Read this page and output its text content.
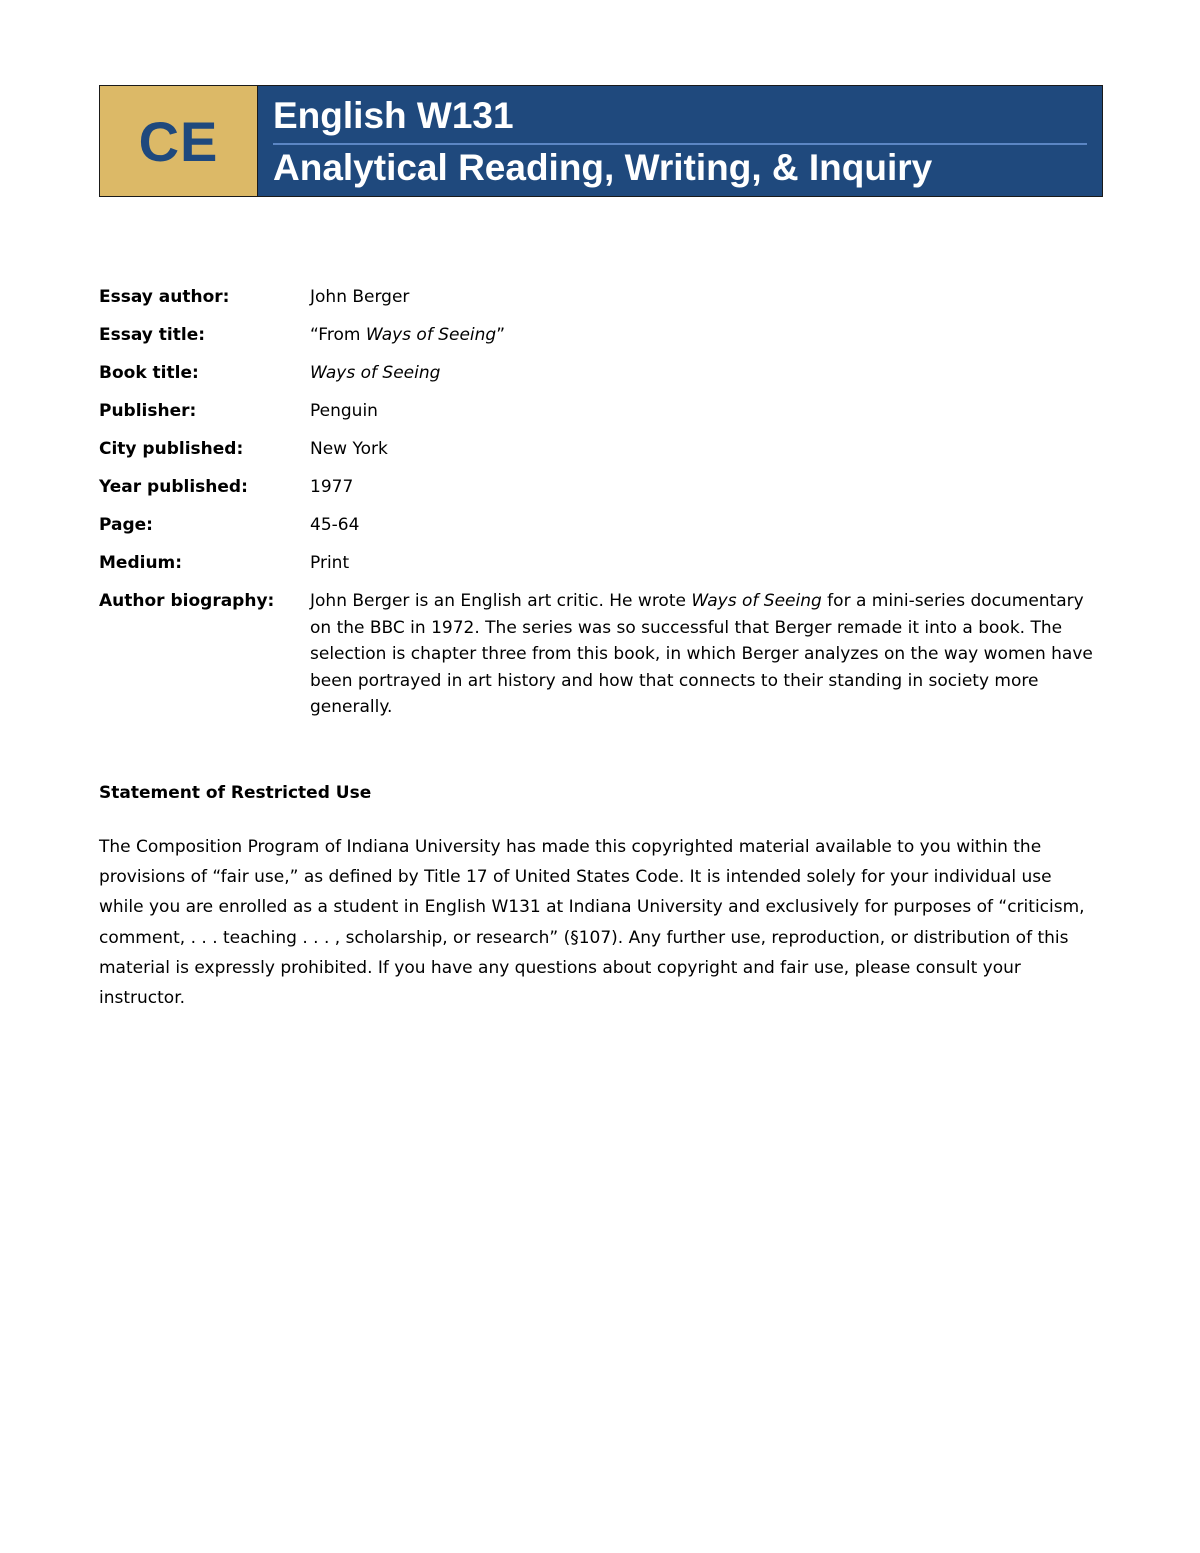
CE English W131
Analytical Reading, Writing, & Inquiry
Essay author:	John Berger
Essay title:	“From Ways of Seeing”
Book title:	Ways of Seeing
Publisher:	Penguin
City published:	New York
Year published:	1977
Page:	45-64
Medium:	Print
Author biography:	John Berger is an English art critic. He wrote Ways of Seeing for a mini-series documentary on the BBC in 1972. The series was so successful that Berger remade it into a book. The selection is chapter three from this book, in which Berger analyzes on the way women have been portrayed in art history and how that connects to their standing in society more generally.
Statement of Restricted Use
The Composition Program of Indiana University has made this copyrighted material available to you within the provisions of “fair use,” as defined by Title 17 of United States Code. It is intended solely for your individual use while you are enrolled as a student in English W131 at Indiana University and exclusively for purposes of “criticism, comment, . . . teaching . . . , scholarship, or research” (§107). Any further use, reproduction, or distribution of this material is expressly prohibited. If you have any questions about copyright and fair use, please consult your instructor.
